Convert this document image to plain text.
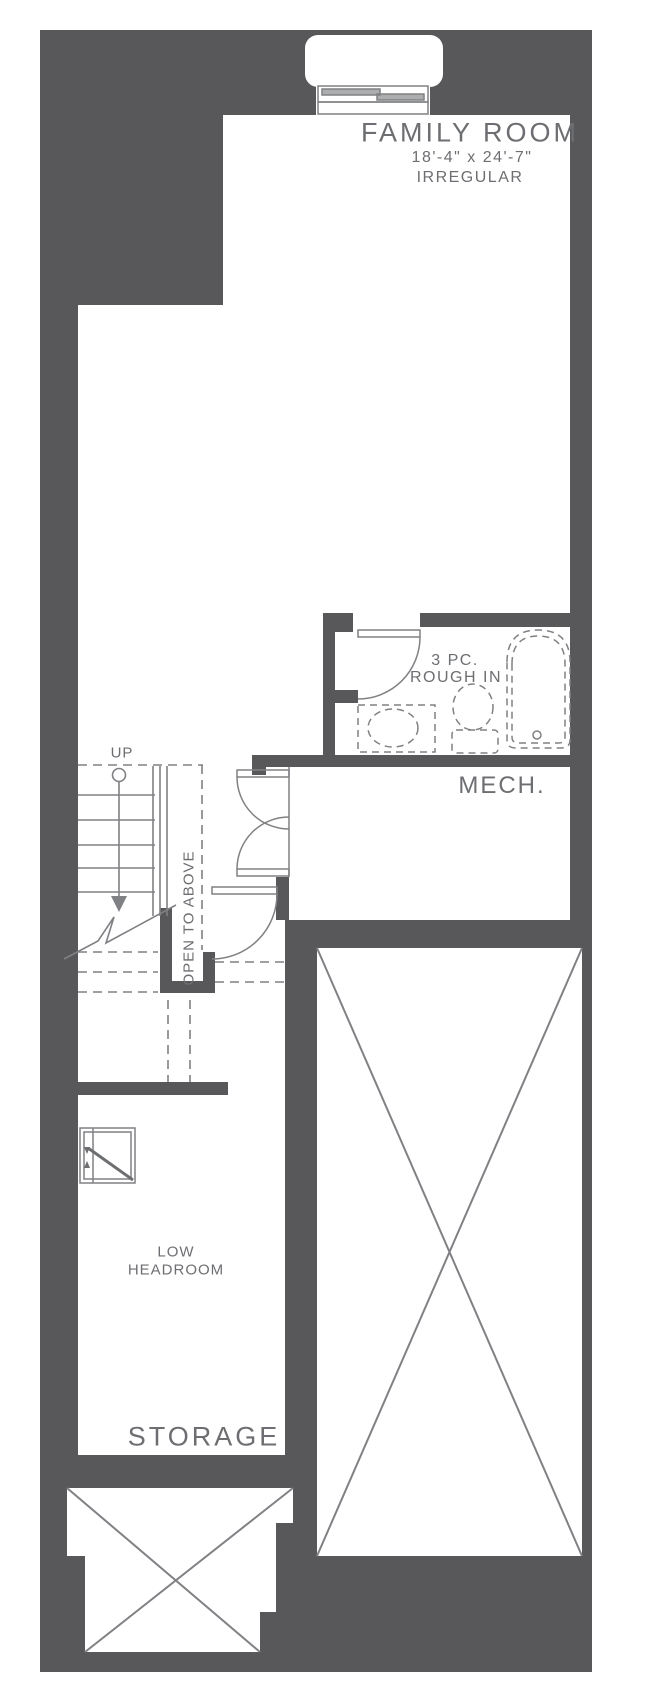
FAMILY ROOM
18'-4" x 24'-7"
IRREGULAR
3 PC.
ROUGH IN
MECH.
UP
OPEN TO ABOVE
LOW
HEADROOM
STORAGE
